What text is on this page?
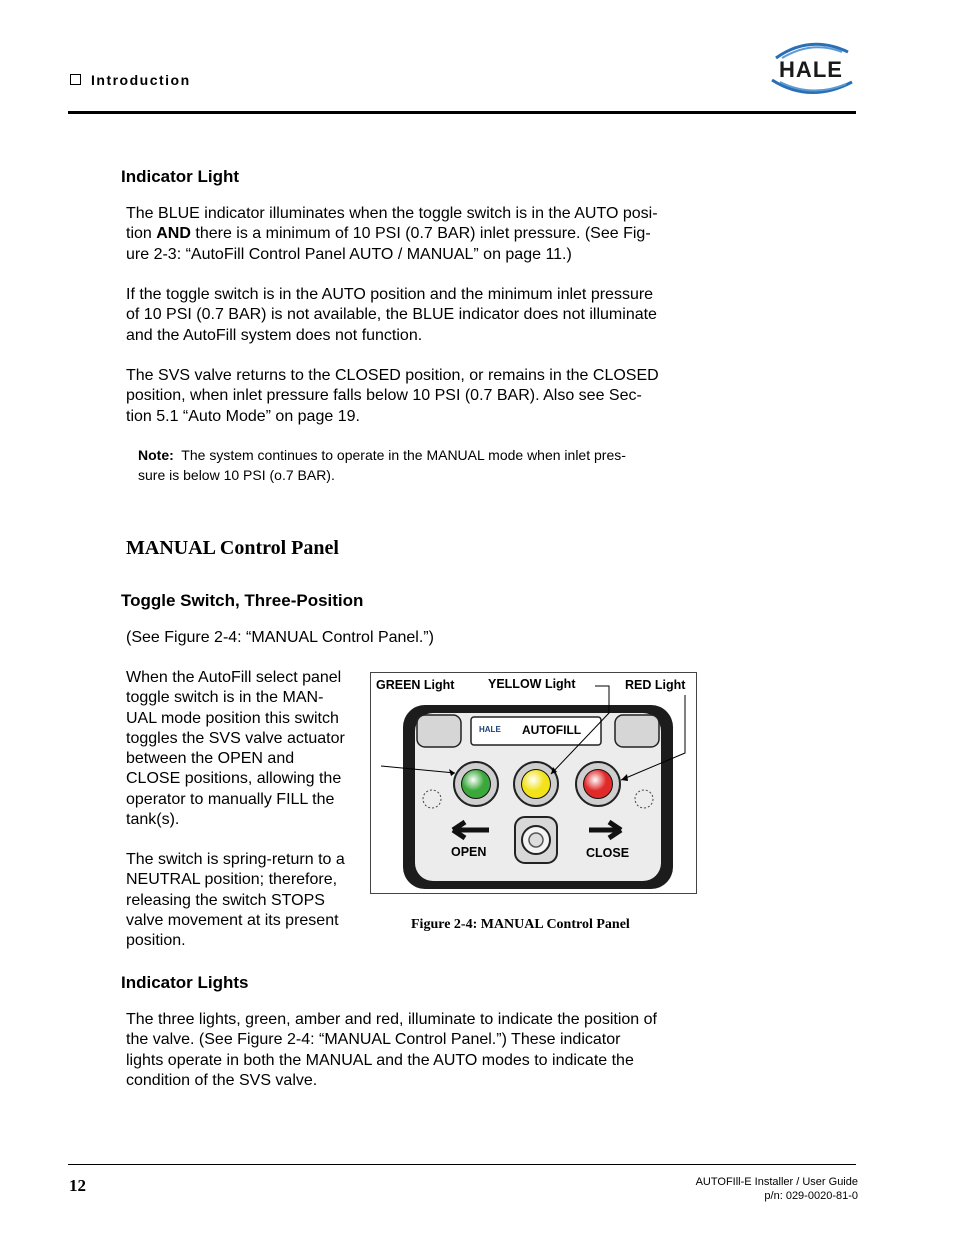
Introduction	HALE
Indicator Light
The BLUE indicator illuminates when the toggle switch is in the AUTO posi-
tion AND there is a minimum of 10 PSI (0.7 BAR) inlet pressure. (See Fig-
ure 2-3: “AutoFill Control Panel AUTO / MANUAL” on page 11.)
If the toggle switch is in the AUTO position and the minimum inlet pressure
of 10 PSI (0.7 BAR) is not available, the BLUE indicator does not illuminate
and the AutoFill system does not function.
The SVS valve returns to the CLOSED position, or remains in the CLOSED
position, when inlet pressure falls below 10 PSI (0.7 BAR). Also see Sec-
tion 5.1 “Auto Mode” on page 19.
Note:  The system continues to operate in the MANUAL mode when inlet pres-
sure is below 10 PSI (o.7 BAR).
MANUAL Control Panel
Toggle Switch, Three-Position
(See Figure 2-4: “MANUAL Control Panel.”)
When the AutoFill select panel
toggle switch is in the MAN-
UAL mode position this switch
toggles the SVS valve actuator
between the OPEN and
CLOSE positions, allowing the
operator to manually FILL the
tank(s).
The switch is spring-return to a
NEUTRAL position; therefore,
releasing the switch STOPS
valve movement at its present
position.
GREEN Light	YELLOW Light	RED Light
HALE AUTOFILL
OPEN	CLOSE
Figure 2-4: MANUAL Control Panel
Indicator Lights
The three lights, green, amber and red, illuminate to indicate the position of
the valve. (See Figure 2-4: “MANUAL Control Panel.”) These indicator
lights operate in both the MANUAL and the AUTO modes to indicate the
condition of the SVS valve.
12	AUTOFIll-E Installer / User Guide
p/n: 029-0020-81-0
